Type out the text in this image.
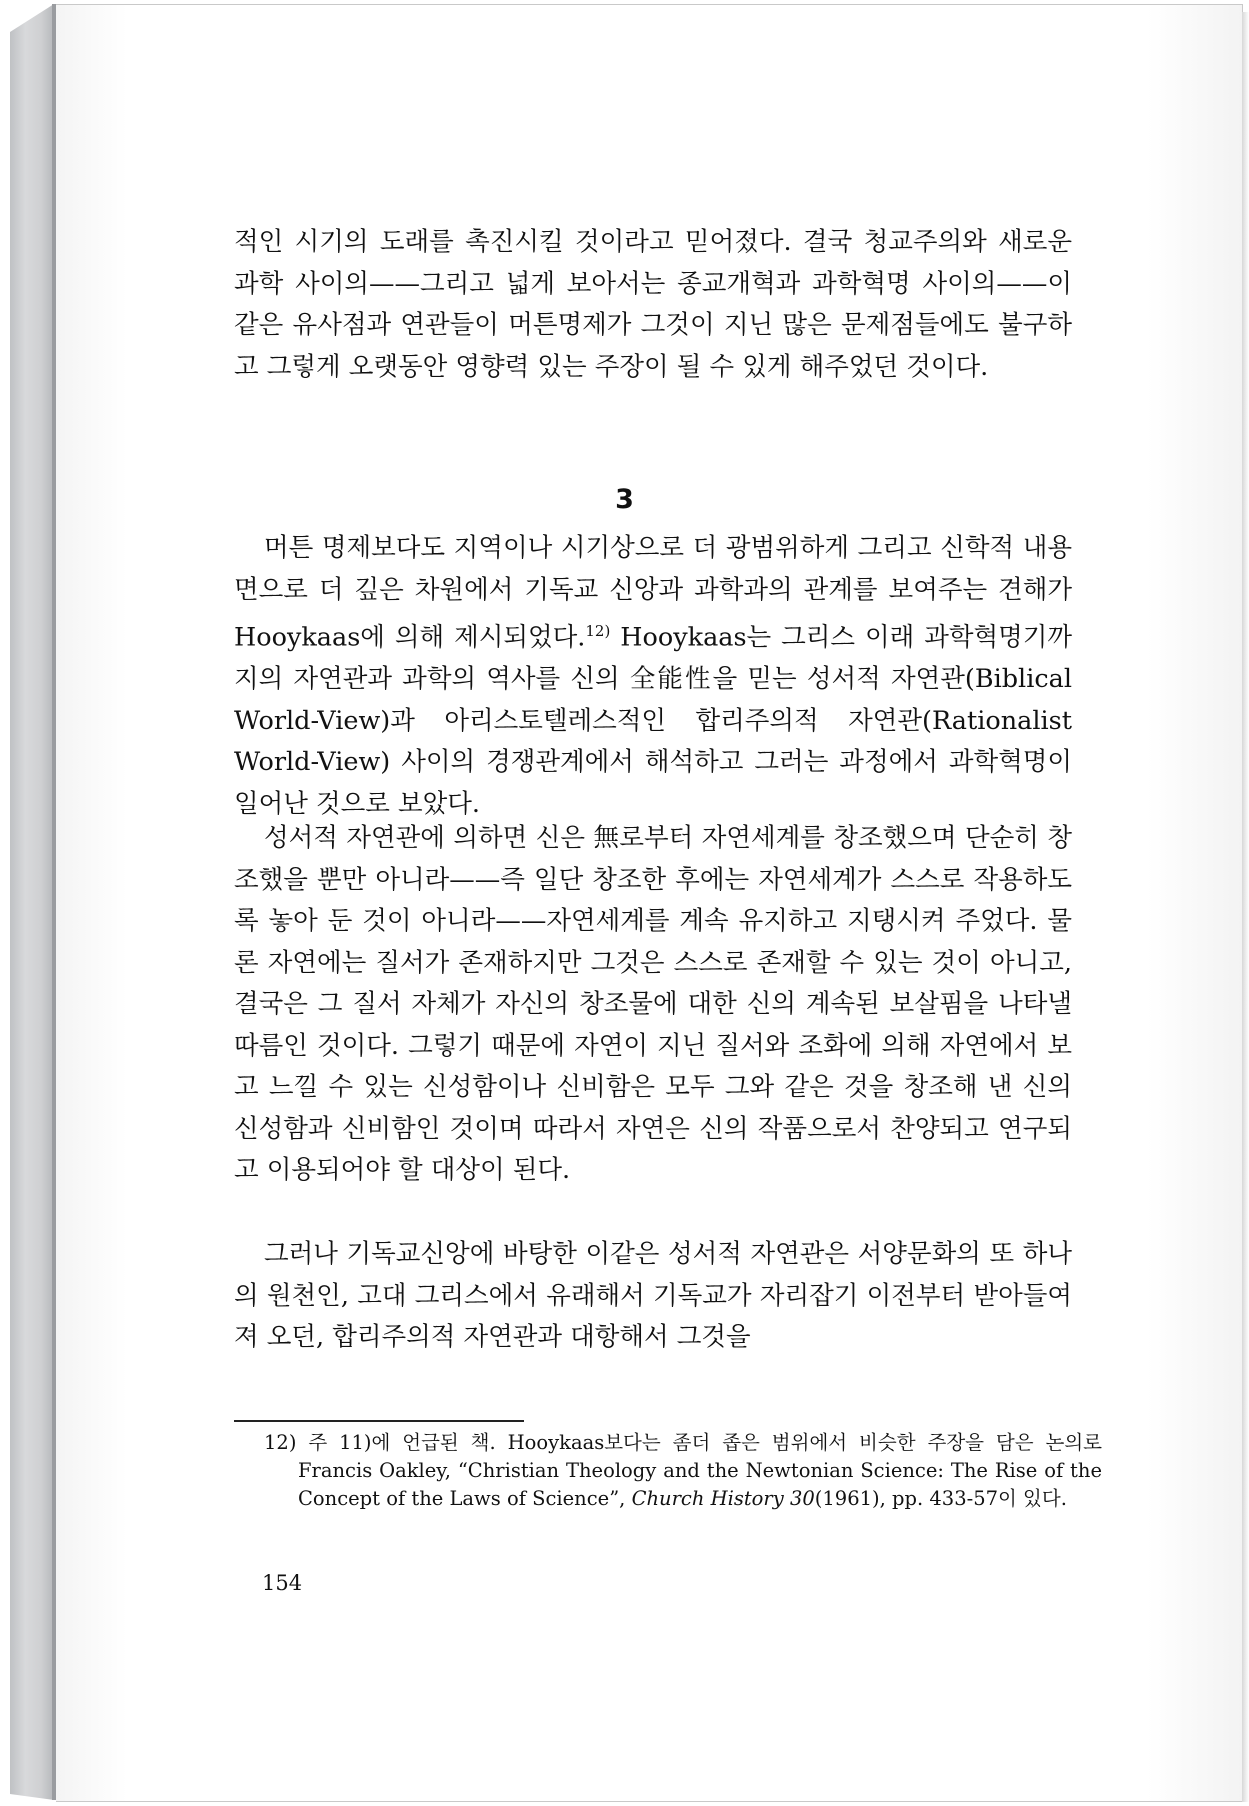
적인 시기의 도래를 촉진시킬 것이라고 믿어졌다. 결국 청교주의와 새로운 과학 사이의——그리고 넓게 보아서는 종교개혁과 과학혁명 사이의——이같은 유사점과 연관들이 머튼명제가 그것이 지닌 많은 문제점들에도 불구하고 그렇게 오랫동안 영향력 있는 주장이 될 수 있게 해주었던 것이다.

3

머튼 명제보다도 지역이나 시기상으로 더 광범위하게 그리고 신학적 내용면으로 더 깊은 차원에서 기독교 신앙과 과학과의 관계를 보여주는 견해가 Hooykaas에 의해 제시되었다.$^{12)}$ Hooykaas는 그리스 이래 과학혁명기까지의 자연관과 과학의 역사를 신의 全能性을 믿는 성서적 자연관(Biblical World-View)과 아리스토텔레스적인 합리주의적 자연관(Rationalist World-View) 사이의 경쟁관계에서 해석하고 그러는 과정에서 과학혁명이 일어난 것으로 보았다.

성서적 자연관에 의하면 신은 無로부터 자연세계를 창조했으며 단순히 창조했을 뿐만 아니라——즉 일단 창조한 후에는 자연세계가 스스로 작용하도록 놓아 둔 것이 아니라——자연세계를 계속 유지하고 지탱시켜 주었다. 물론 자연에는 질서가 존재하지만 그것은 스스로 존재할 수 있는 것이 아니고, 결국은 그 질서 자체가 자신의 창조물에 대한 신의 계속된 보살핌을 나타낼 따름인 것이다. 그렇기 때문에 자연이 지닌 질서와 조화에 의해 자연에서 보고 느낄 수 있는 신성함이나 신비함은 모두 그와 같은 것을 창조해 낸 신의 신성함과 신비함인 것이며 따라서 자연은 신의 작품으로서 찬양되고 연구되고 이용되어야 할 대상이 된다.

그러나 기독교신앙에 바탕한 이같은 성서적 자연관은 서양문화의 또 하나의 원천인, 고대 그리스에서 유래해서 기독교가 자리잡기 이전부터 받아들여져 오던, 합리주의적 자연관과 대항해서 그것을

12) 주 11)에 언급된 책. Hooykaas보다는 좀더 좁은 범위에서 비슷한 주장을 담은 논의로 Francis Oakley, “Christian Theology and the Newtonian Science: The Rise of the Concept of the Laws of Science”, Church History 30(1961), pp. 433-57이 있다.
154
